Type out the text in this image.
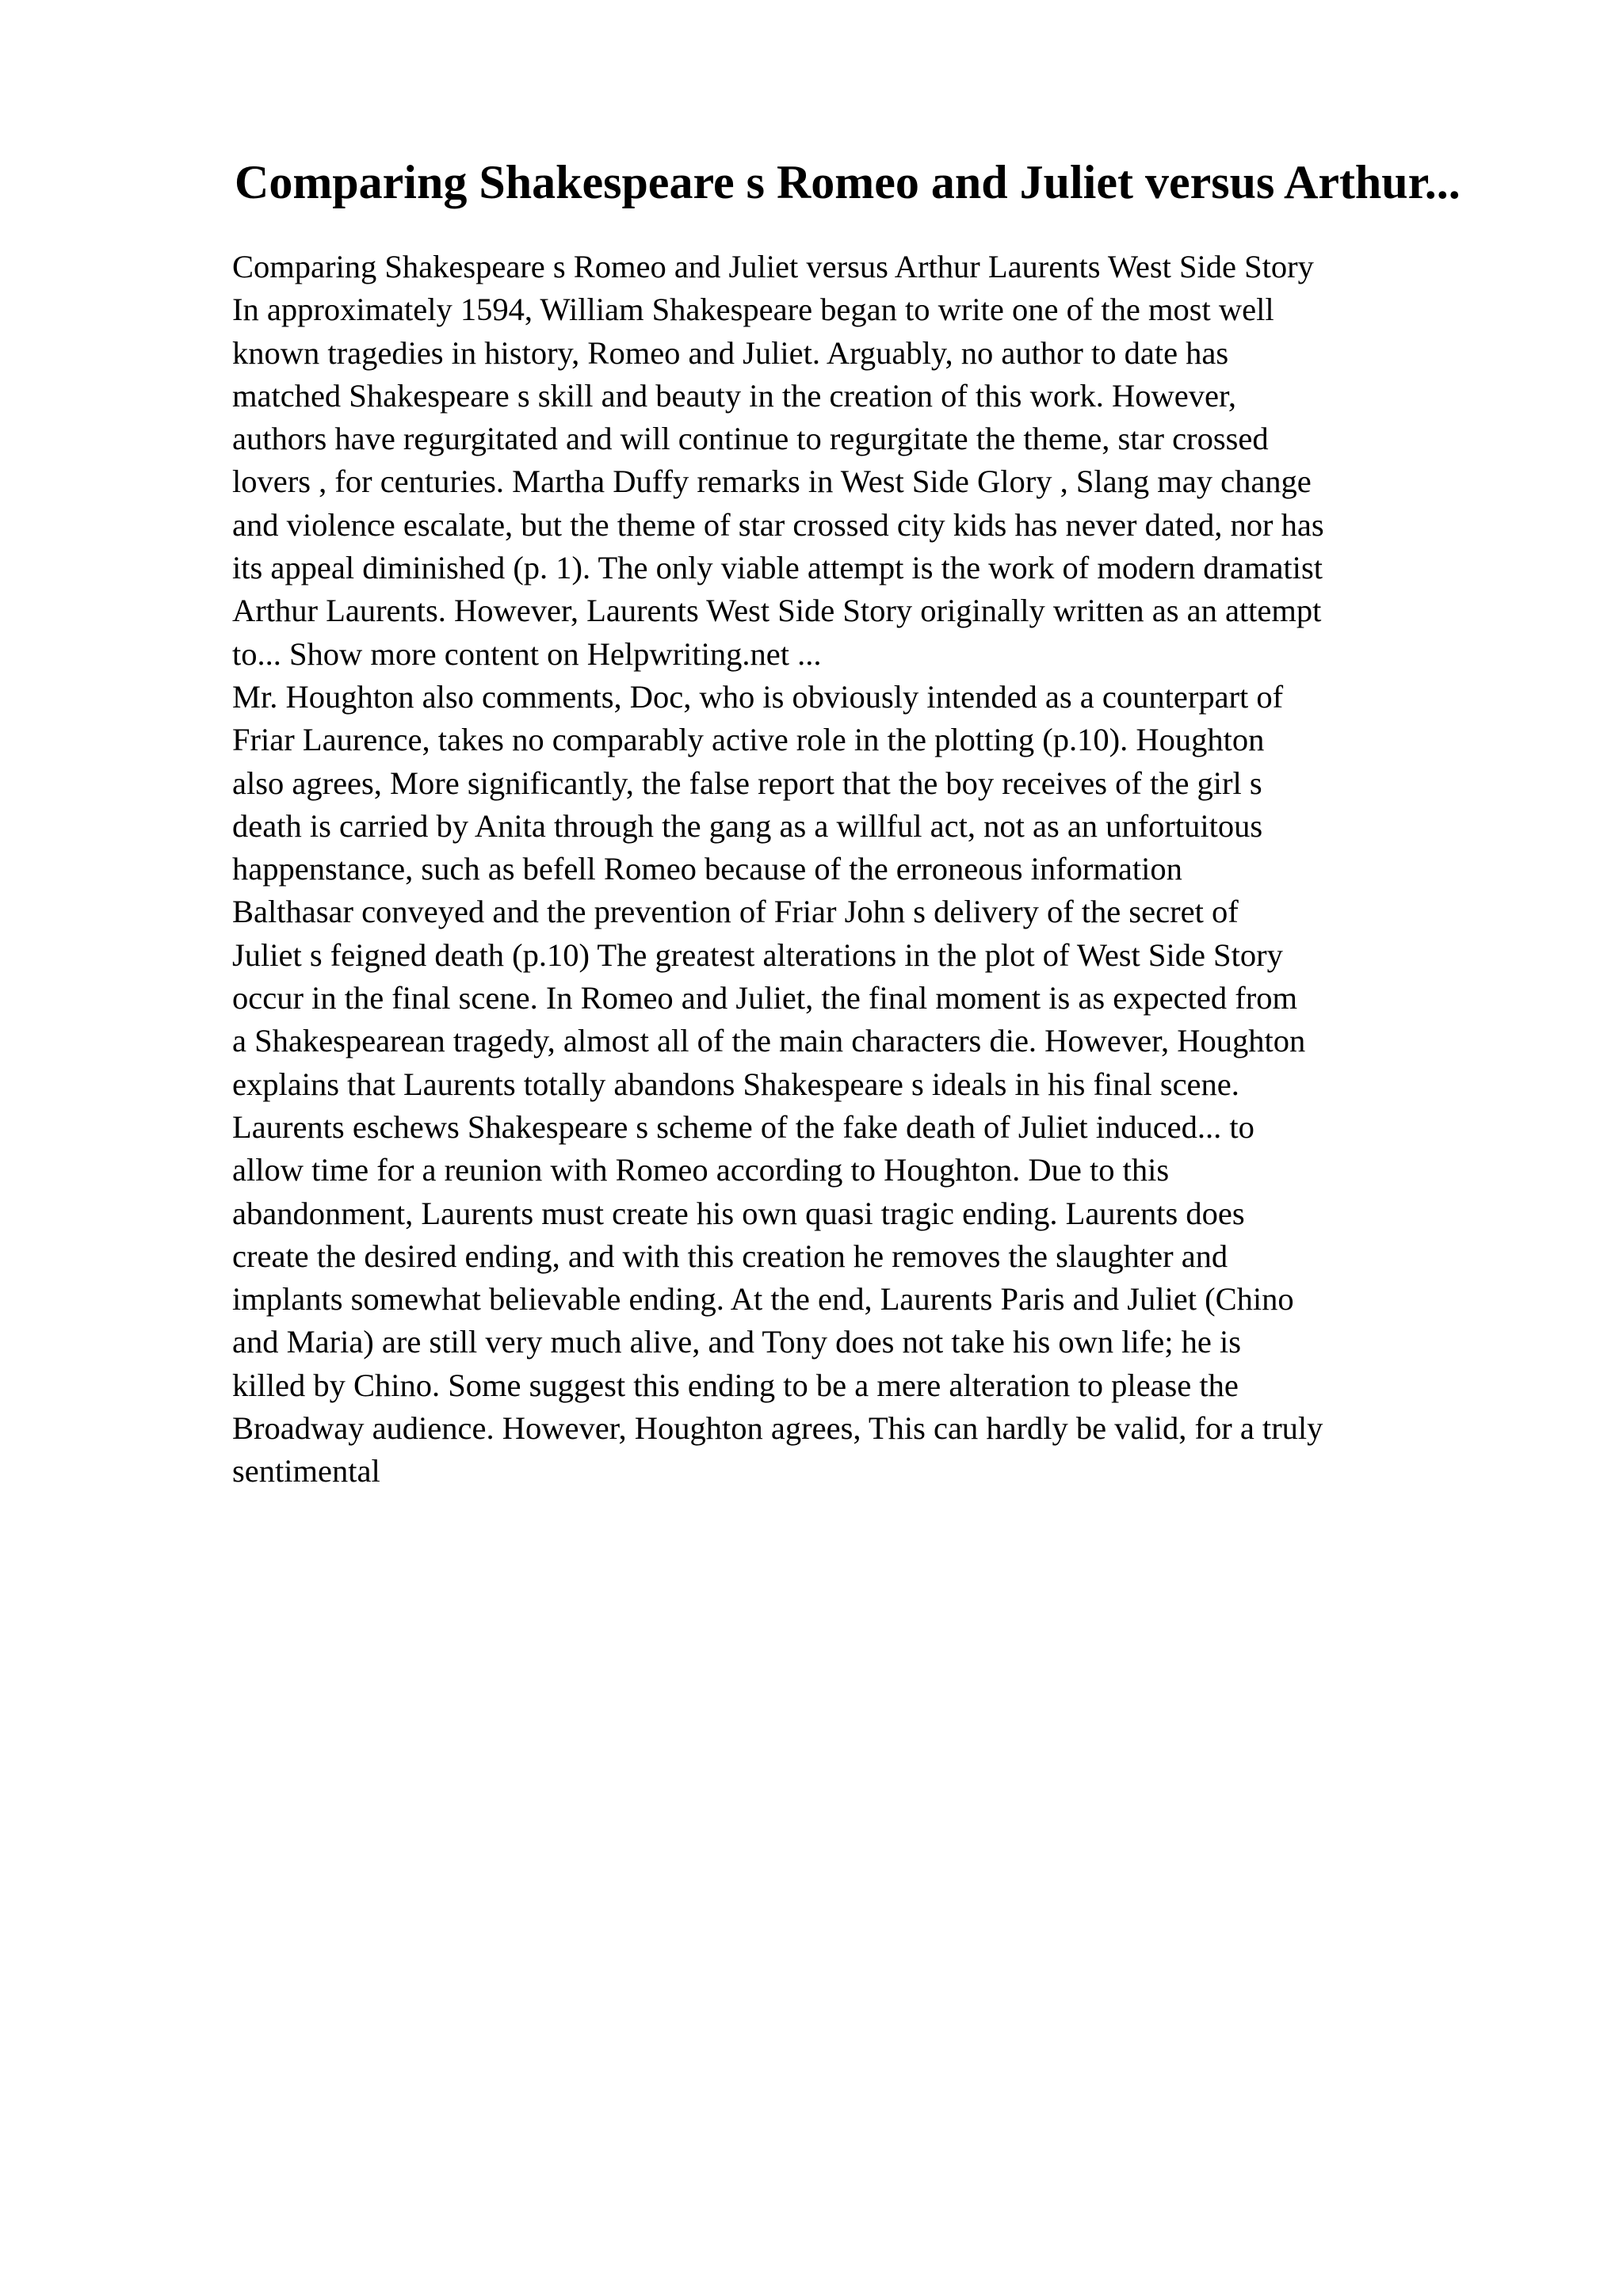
Comparing Shakespeare s Romeo and Juliet versus Arthur...
Comparing Shakespeare s Romeo and Juliet versus Arthur Laurents West Side Story
In approximately 1594, William Shakespeare began to write one of the most well
known tragedies in history, Romeo and Juliet. Arguably, no author to date has
matched Shakespeare s skill and beauty in the creation of this work. However,
authors have regurgitated and will continue to regurgitate the theme, star crossed
lovers , for centuries. Martha Duffy remarks in West Side Glory , Slang may change
and violence escalate, but the theme of star crossed city kids has never dated, nor has
its appeal diminished (p. 1). The only viable attempt is the work of modern dramatist
Arthur Laurents. However, Laurents West Side Story originally written as an attempt
to... Show more content on Helpwriting.net ...
Mr. Houghton also comments, Doc, who is obviously intended as a counterpart of
Friar Laurence, takes no comparably active role in the plotting (p.10). Houghton
also agrees, More significantly, the false report that the boy receives of the girl s
death is carried by Anita through the gang as a willful act, not as an unfortuitous
happenstance, such as befell Romeo because of the erroneous information
Balthasar conveyed and the prevention of Friar John s delivery of the secret of
Juliet s feigned death (p.10) The greatest alterations in the plot of West Side Story
occur in the final scene. In Romeo and Juliet, the final moment is as expected from
a Shakespearean tragedy, almost all of the main characters die. However, Houghton
explains that Laurents totally abandons Shakespeare s ideals in his final scene.
Laurents eschews Shakespeare s scheme of the fake death of Juliet induced... to
allow time for a reunion with Romeo according to Houghton. Due to this
abandonment, Laurents must create his own quasi tragic ending. Laurents does
create the desired ending, and with this creation he removes the slaughter and
implants somewhat believable ending. At the end, Laurents Paris and Juliet (Chino
and Maria) are still very much alive, and Tony does not take his own life; he is
killed by Chino. Some suggest this ending to be a mere alteration to please the
Broadway audience. However, Houghton agrees, This can hardly be valid, for a truly
sentimental
